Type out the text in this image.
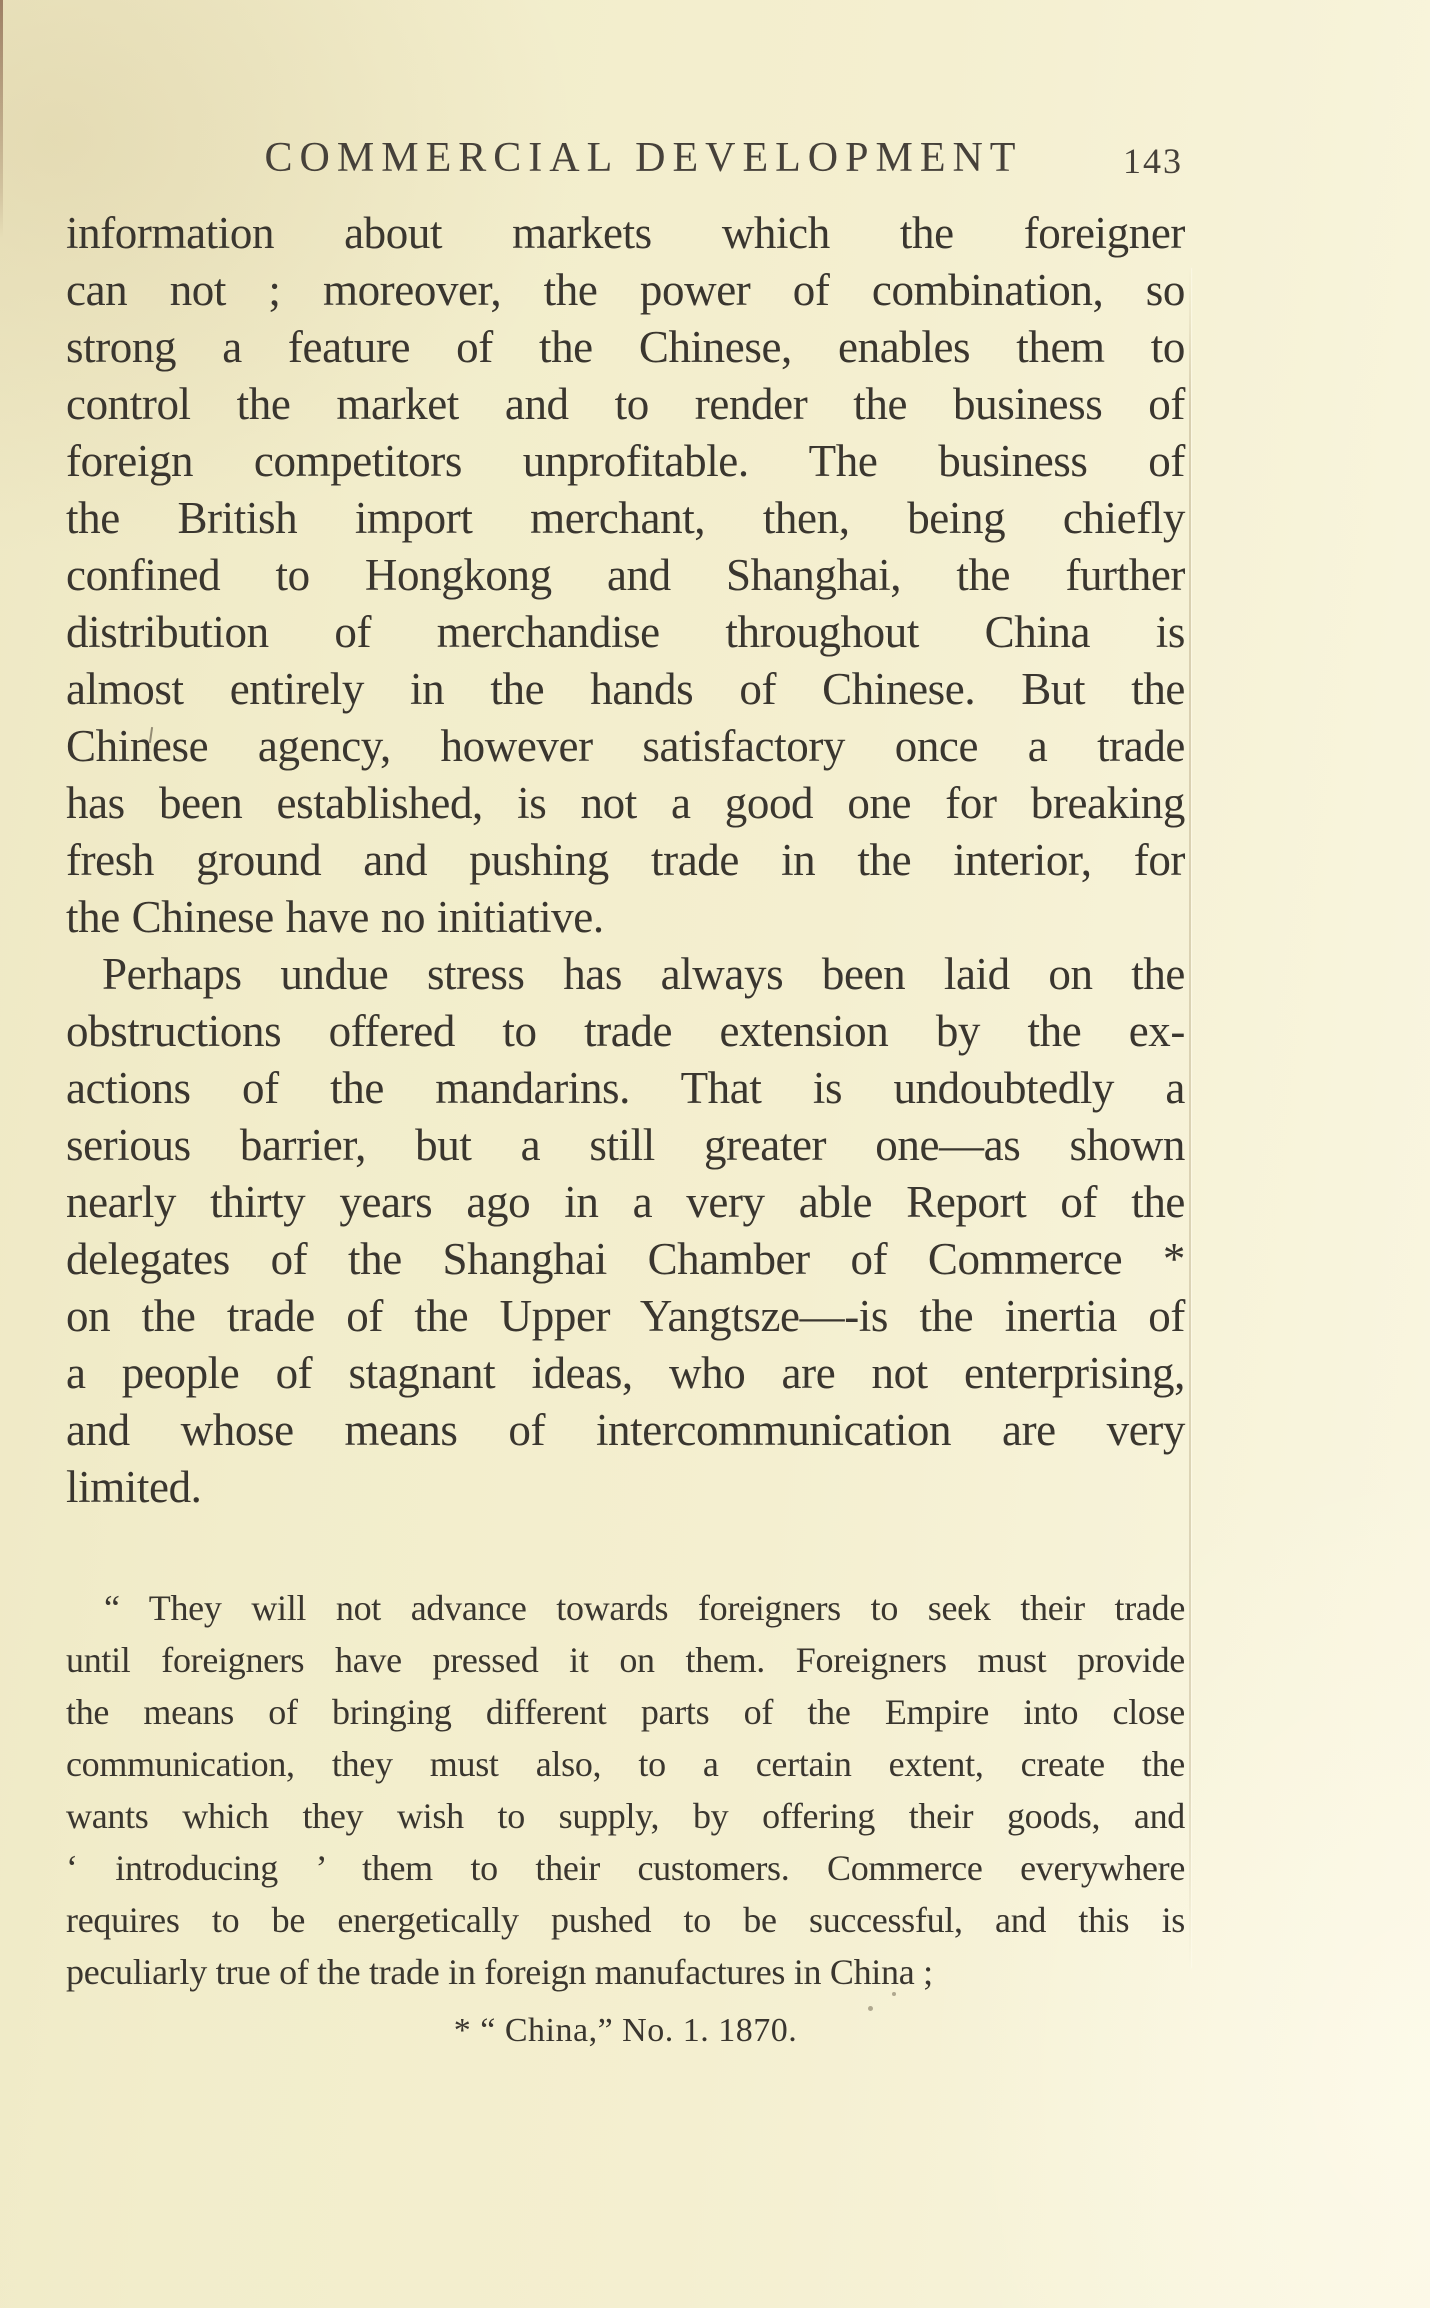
COMMERCIAL DEVELOPMENT	143
information about markets which the foreigner
can not ; moreover, the power of combination, so
strong a feature of the Chinese, enables them to
control the market and to render the business of
foreign competitors unprofitable. The business of
the British import merchant, then, being chiefly
confined to Hongkong and Shanghai, the further
distribution of merchandise throughout China is
almost entirely in the hands of Chinese. But the
Chinese agency, however satisfactory once a trade
has been established, is not a good one for breaking
fresh ground and pushing trade in the interior, for
the Chinese have no initiative.
Perhaps undue stress has always been laid on the
obstructions offered to trade extension by the ex-
actions of the mandarins. That is undoubtedly a
serious barrier, but a still greater one—as shown
nearly thirty years ago in a very able Report of the
delegates of the Shanghai Chamber of Commerce *
on the trade of the Upper Yangtsze—-is the inertia of
a people of stagnant ideas, who are not enterprising,
and whose means of intercommunication are very
limited.
“ They will not advance towards foreigners to seek their trade
until foreigners have pressed it on them. Foreigners must provide
the means of bringing different parts of the Empire into close
communication, they must also, to a certain extent, create the
wants which they wish to supply, by offering their goods, and
‘ introducing ’ them to their customers. Commerce everywhere
requires to be energetically pushed to be successful, and this is
peculiarly true of the trade in foreign manufactures in China ;
* “ China,” No. 1. 1870.
